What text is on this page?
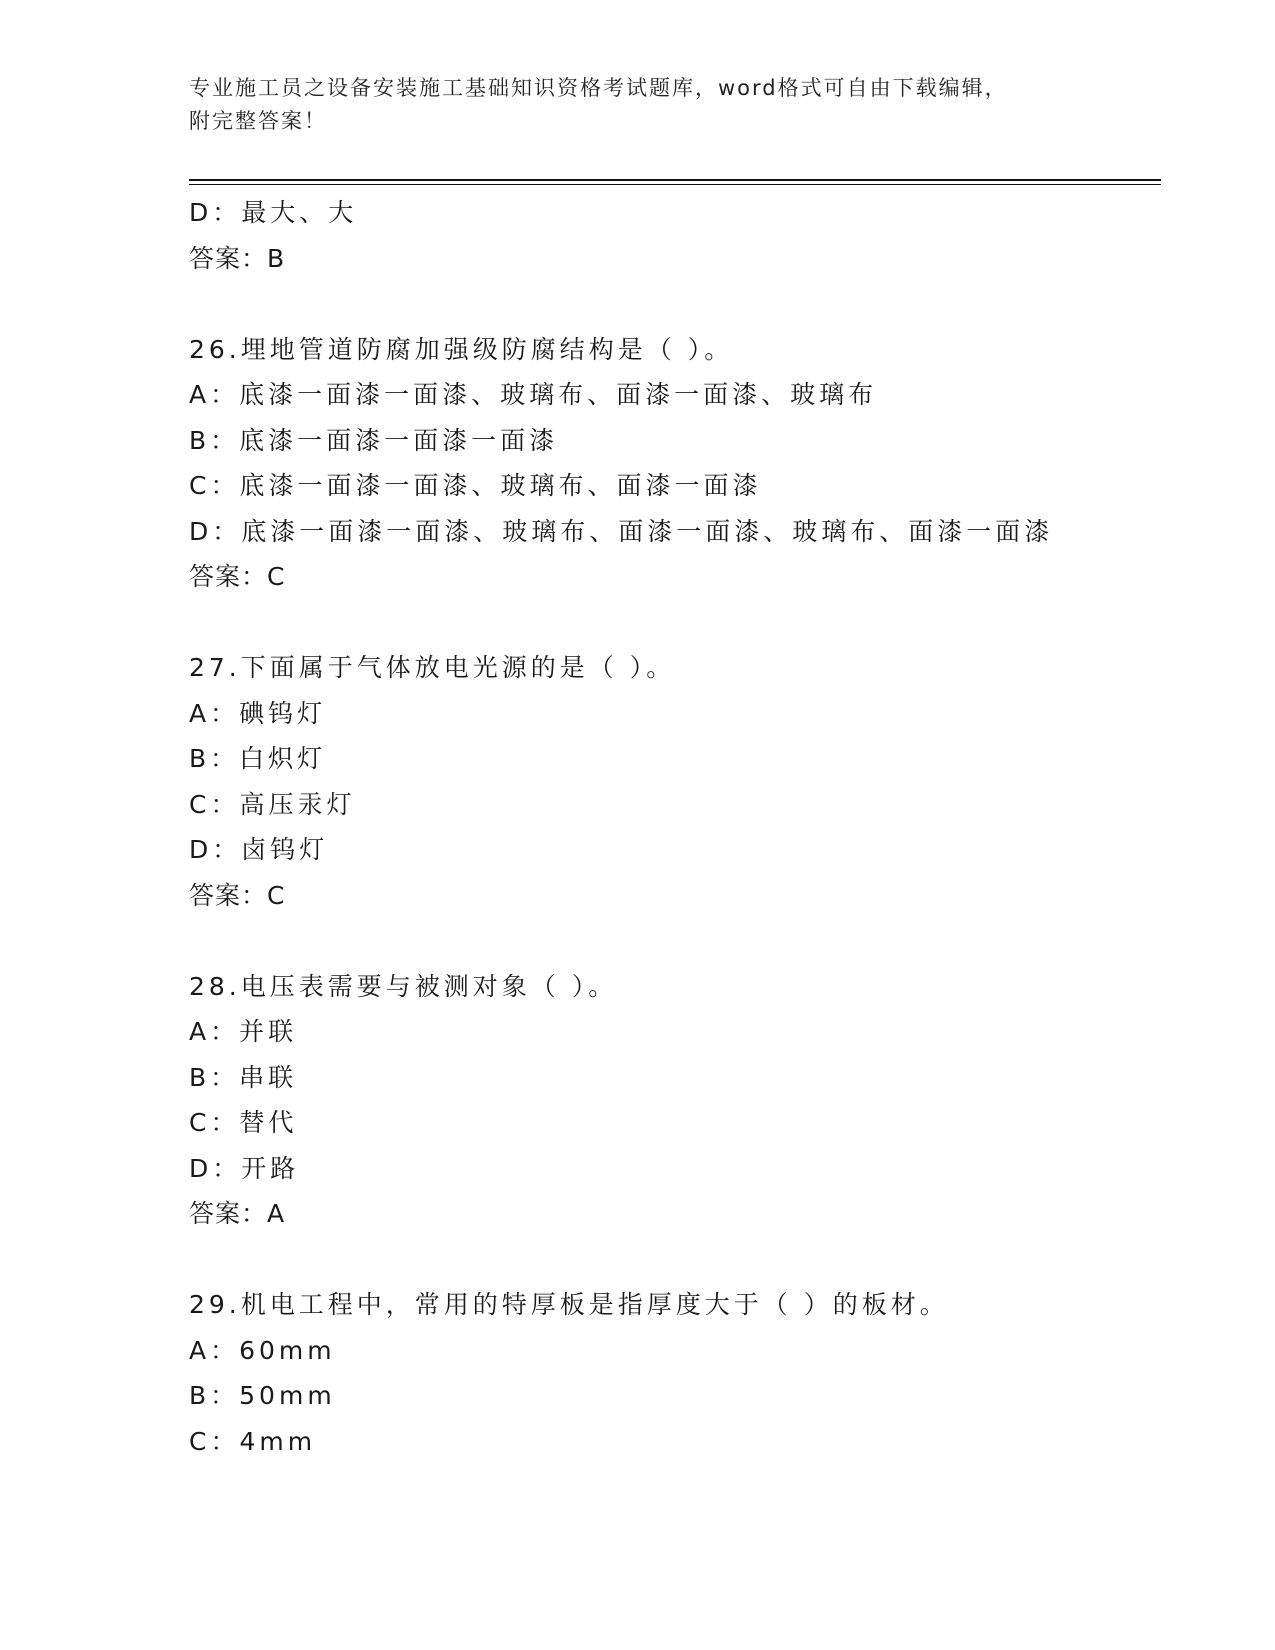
专业施工员之设备安装施工基础知识资格考试题库，word格式可自由下载编辑，
附完整答案！
D：最大、大
答案：B
26.埋地管道防腐加强级防腐结构是（ ）。
A：底漆一面漆一面漆、玻璃布、面漆一面漆、玻璃布
B：底漆一面漆一面漆一面漆
C：底漆一面漆一面漆、玻璃布、面漆一面漆
D：底漆一面漆一面漆、玻璃布、面漆一面漆、玻璃布、面漆一面漆
答案：C
27.下面属于气体放电光源的是（ ）。
A：碘钨灯
B：白炽灯
C：高压汞灯
D：卤钨灯
答案：C
28.电压表需要与被测对象（ ）。
A：并联
B：串联
C：替代
D：开路
答案：A
29.机电工程中，常用的特厚板是指厚度大于（ ）的板材。
A：60mm
B：50mm
C：4mm
